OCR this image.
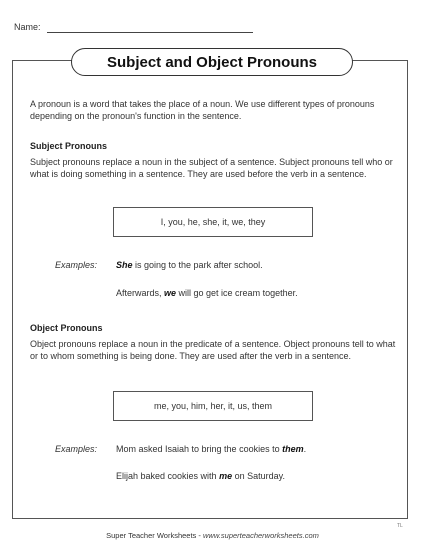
Name:
Subject and Object Pronouns
A pronoun is a word that takes the place of a noun. We use different types of pronouns depending on the pronoun's function in the sentence.
Subject Pronouns
Subject pronouns replace a noun in the subject of a sentence. Subject pronouns tell who or what is doing something in a sentence. They are used before the verb in a sentence.
I, you, he, she, it, we, they
Examples: She is going to the park after school.
Afterwards, we will go get ice cream together.
Object Pronouns
Object pronouns replace a noun in the predicate of a sentence. Object pronouns tell to what or to whom something is being done. They are used after the verb in a sentence.
me, you, him, her, it, us, them
Examples: Mom asked Isaiah to bring the cookies to them.
Elijah baked cookies with me on Saturday.
TL
Super Teacher Worksheets - www.superteacherworksheets.com
